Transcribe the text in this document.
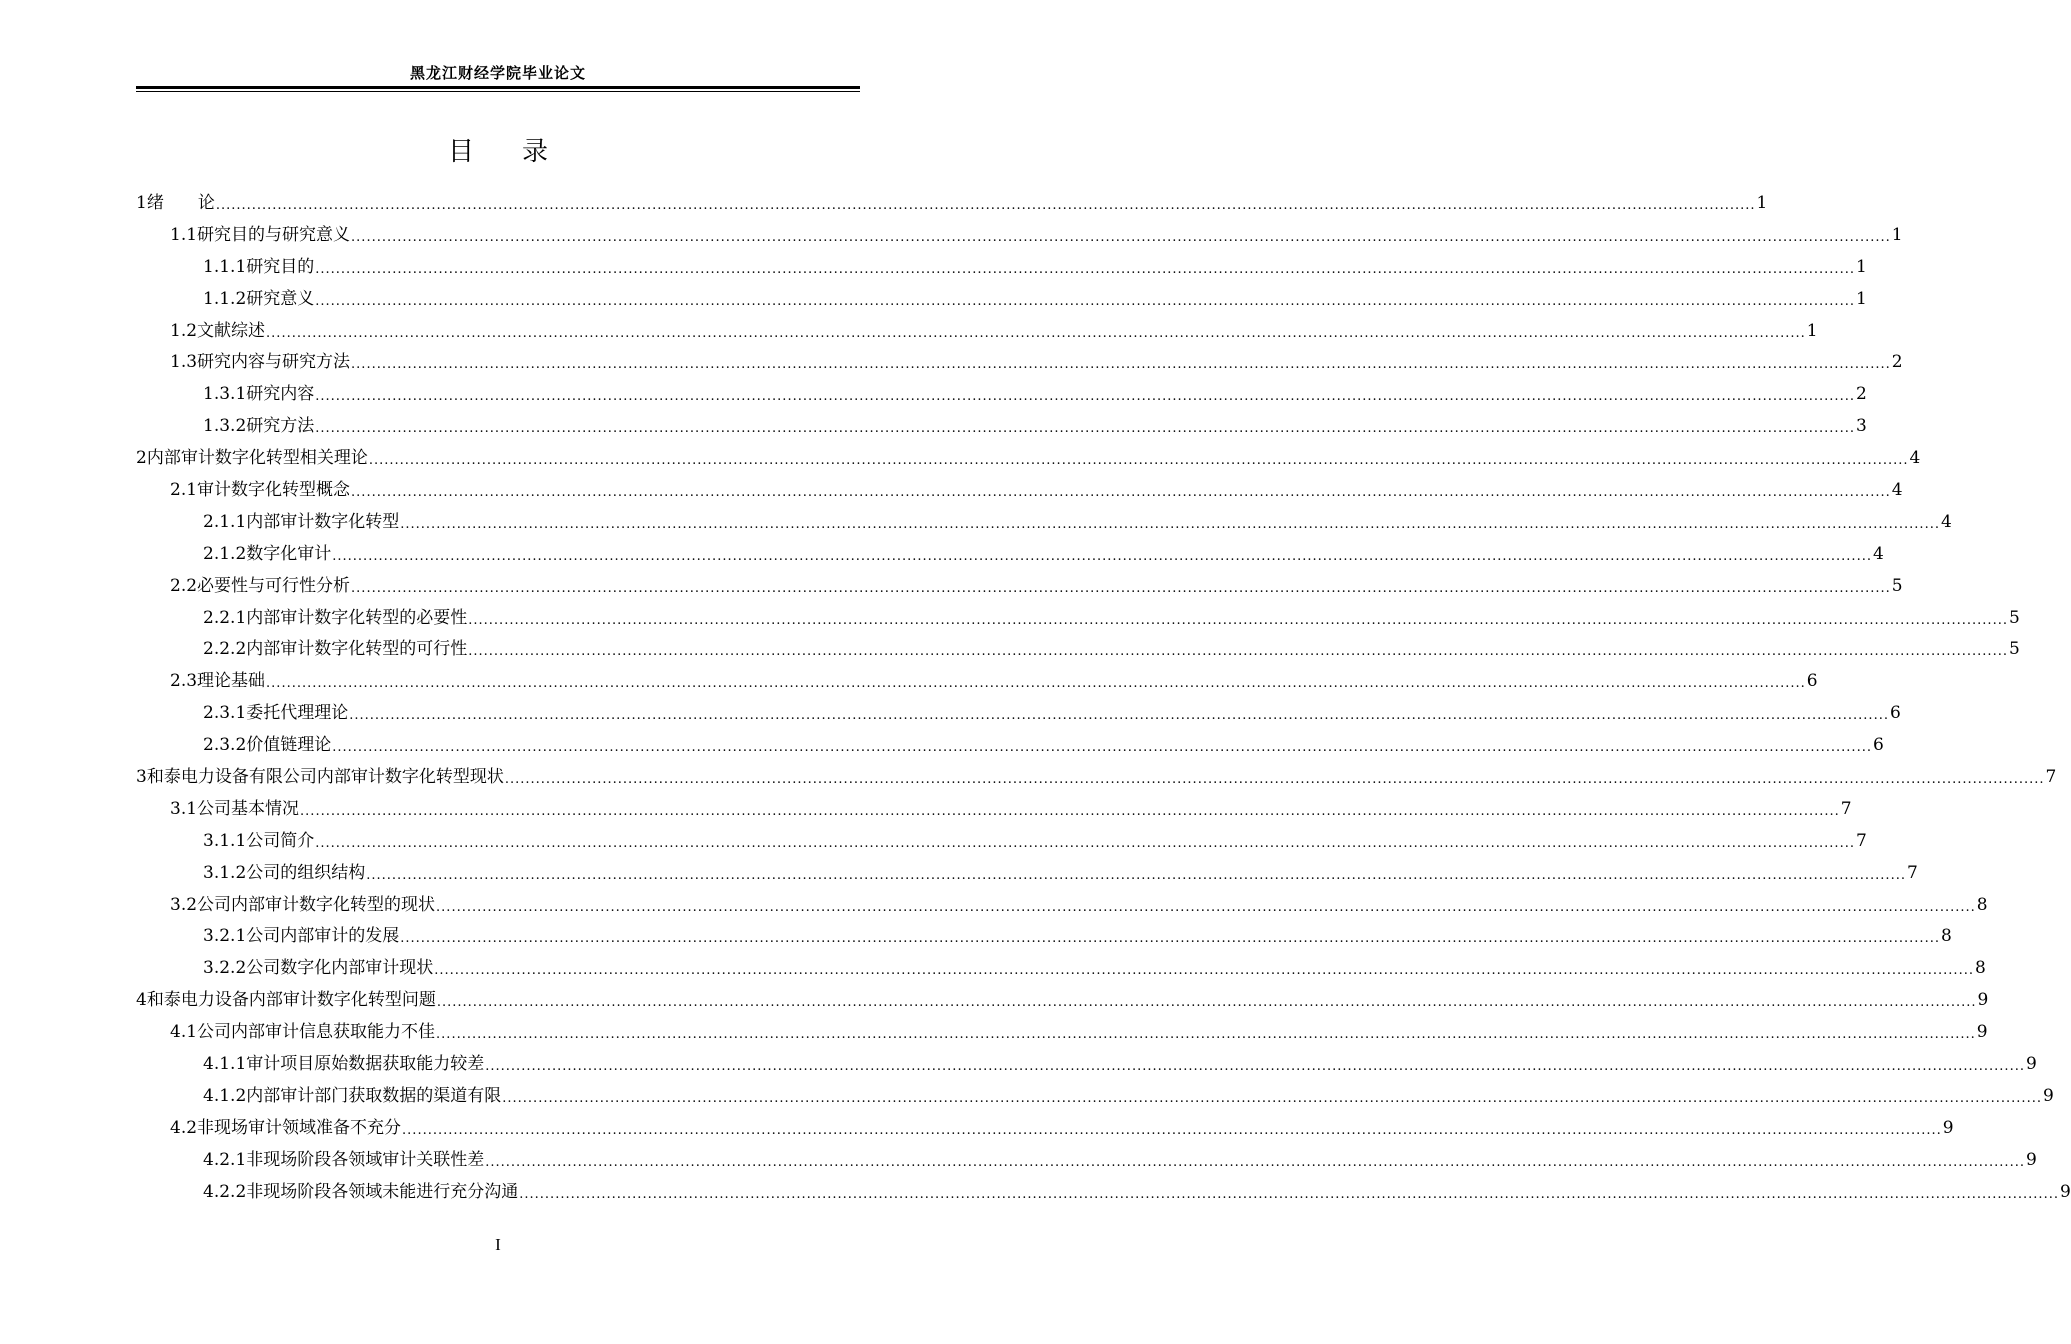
黑龙江财经学院毕业论文
目 录
1 绪　　论 ............................................................................................................................................................................................................................................................................................................ 1
1.1 研究目的与研究意义 ............................................................................................................................................................................................................................................................................................................ 1
1.1.1 研究目的 ............................................................................................................................................................................................................................................................................................................ 1
1.1.2 研究意义 ............................................................................................................................................................................................................................................................................................................ 1
1.2 文献综述 ............................................................................................................................................................................................................................................................................................................ 1
1.3 研究内容与研究方法 ............................................................................................................................................................................................................................................................................................................ 2
1.3.1 研究内容 ............................................................................................................................................................................................................................................................................................................ 2
1.3.2 研究方法 ............................................................................................................................................................................................................................................................................................................ 3
2 内部审计数字化转型相关理论 ............................................................................................................................................................................................................................................................................................................ 4
2.1 审计数字化转型概念 ............................................................................................................................................................................................................................................................................................................ 4
2.1.1 内部审计数字化转型 ............................................................................................................................................................................................................................................................................................................ 4
2.1.2 数字化审计 ............................................................................................................................................................................................................................................................................................................ 4
2.2 必要性与可行性分析 ............................................................................................................................................................................................................................................................................................................ 5
2.2.1 内部审计数字化转型的必要性 ............................................................................................................................................................................................................................................................................................................ 5
2.2.2 内部审计数字化转型的可行性 ............................................................................................................................................................................................................................................................................................................ 5
2.3 理论基础 ............................................................................................................................................................................................................................................................................................................ 6
2.3.1 委托代理理论 ............................................................................................................................................................................................................................................................................................................ 6
2.3.2 价值链理论 ............................................................................................................................................................................................................................................................................................................ 6
3 和泰电力设备有限公司内部审计数字化转型现状 ............................................................................................................................................................................................................................................................................................................ 7
3.1 公司基本情况 ............................................................................................................................................................................................................................................................................................................ 7
3.1.1 公司简介 ............................................................................................................................................................................................................................................................................................................ 7
3.1.2 公司的组织结构 ............................................................................................................................................................................................................................................................................................................ 7
3.2 公司内部审计数字化转型的现状 ............................................................................................................................................................................................................................................................................................................ 8
3.2.1 公司内部审计的发展 ............................................................................................................................................................................................................................................................................................................ 8
3.2.2 公司数字化内部审计现状 ............................................................................................................................................................................................................................................................................................................ 8
4 和泰电力设备内部审计数字化转型问题 ............................................................................................................................................................................................................................................................................................................ 9
4.1 公司内部审计信息获取能力不佳 ............................................................................................................................................................................................................................................................................................................ 9
4.1.1 审计项目原始数据获取能力较差 ............................................................................................................................................................................................................................................................................................................ 9
4.1.2 内部审计部门获取数据的渠道有限 ............................................................................................................................................................................................................................................................................................................ 9
4.2 非现场审计领域准备不充分 ............................................................................................................................................................................................................................................................................................................ 9
4.2.1 非现场阶段各领域审计关联性差 ............................................................................................................................................................................................................................................................................................................ 9
4.2.2 非现场阶段各领域未能进行充分沟通 ............................................................................................................................................................................................................................................................................................................ 9
I
